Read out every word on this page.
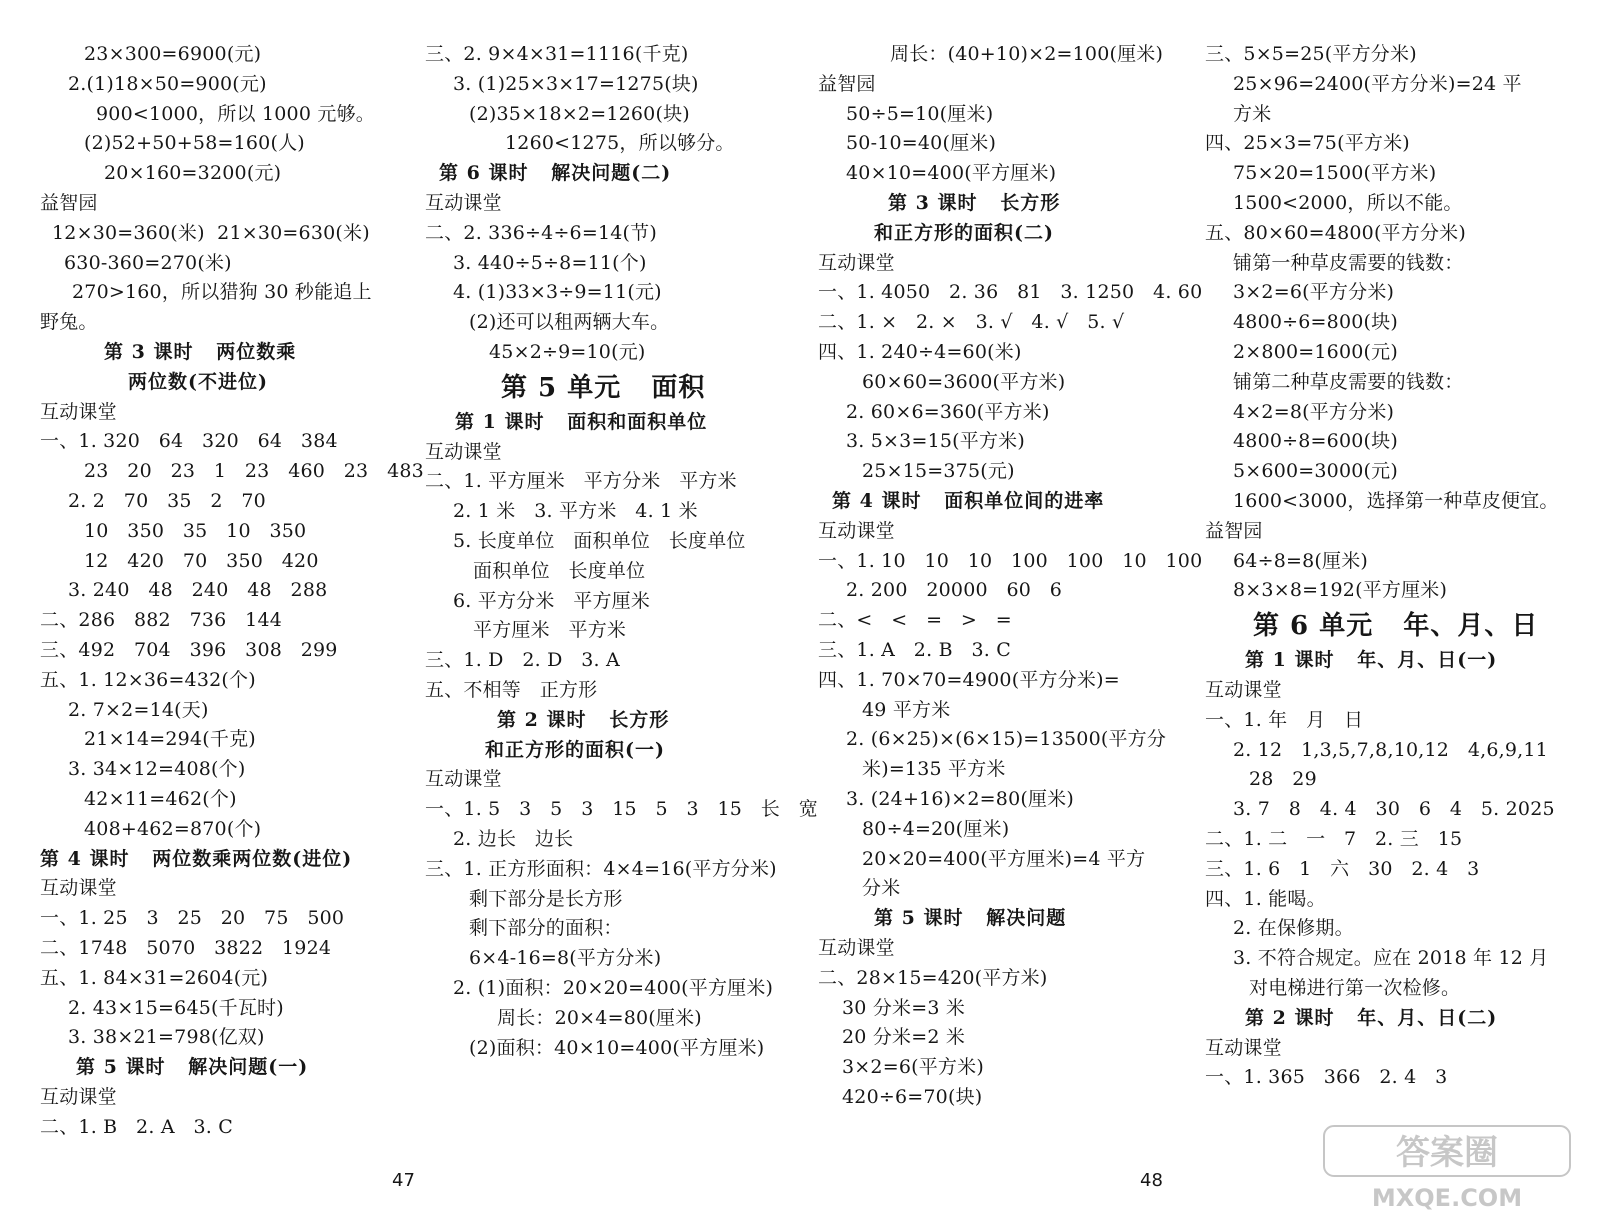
23×300=6900(元)
2.(1)18×50=900(元)
900<1000，所以 1000 元够。
(2)52+50+58=160(人)
20×160=3200(元)
益智园
12×30=360(米)  21×30=630(米)
630-360=270(米)
270>160，所以猎狗 30 秒能追上
野兔。
第 3 课时   两位数乘
两位数(不进位)
互动课堂
一、1. 320   64   320   64   384
23   20   23   1   23   460   23   483
2. 2   70   35   2   70
10   350   35   10   350
12   420   70   350   420
3. 240   48   240   48   288
二、286   882   736   144
三、492   704   396   308   299
五、1. 12×36=432(个)
2. 7×2=14(天)
21×14=294(千克)
3. 34×12=408(个)
42×11=462(个)
408+462=870(个)
第 4 课时   两位数乘两位数(进位)
互动课堂
一、1. 25   3   25   20   75   500
二、1748   5070   3822   1924
五、1. 84×31=2604(元)
2. 43×15=645(千瓦时)
3. 38×21=798(亿双)
第 5 课时   解决问题(一)
互动课堂
二、1. B   2. A   3. C
三、2. 9×4×31=1116(千克)
3. (1)25×3×17=1275(块)
(2)35×18×2=1260(块)
1260<1275，所以够分。
第 6 课时   解决问题(二)
互动课堂
二、2. 336÷4÷6=14(节)
3. 440÷5÷8=11(个)
4. (1)33×3÷9=11(元)
(2)还可以租两辆大车。
45×2÷9=10(元)
第 5 单元   面积
第 1 课时   面积和面积单位
互动课堂
二、1. 平方厘米   平方分米   平方米
2. 1 米   3. 平方米   4. 1 米
5. 长度单位   面积单位   长度单位
面积单位   长度单位
6. 平方分米   平方厘米
平方厘米   平方米
三、1. D   2. D   3. A
五、不相等   正方形
第 2 课时   长方形
和正方形的面积(一)
互动课堂
一、1. 5   3   5   3   15   5   3   15   长   宽
2. 边长   边长
三、1. 正方形面积：4×4=16(平方分米)
剩下部分是长方形
剩下部分的面积：
6×4-16=8(平方分米)
2. (1)面积：20×20=400(平方厘米)
周长：20×4=80(厘米)
(2)面积：40×10=400(平方厘米)
周长：(40+10)×2=100(厘米)
益智园
50÷5=10(厘米)
50-10=40(厘米)
40×10=400(平方厘米)
第 3 课时   长方形
和正方形的面积(二)
互动课堂
一、1. 4050   2. 36   81   3. 1250   4. 60
二、1. ×   2. ×   3. √   4. √   5. √
四、1. 240÷4=60(米)
60×60=3600(平方米)
2. 60×6=360(平方米)
3. 5×3=15(平方米)
25×15=375(元)
第 4 课时   面积单位间的进率
互动课堂
一、1. 10   10   10   100   100   10   100
2. 200   20000   60   6
二、<   <   =   >   =
三、1. A   2. B   3. C
四、1. 70×70=4900(平方分米)=
49 平方米
2. (6×25)×(6×15)=13500(平方分
米)=135 平方米
3. (24+16)×2=80(厘米)
80÷4=20(厘米)
20×20=400(平方厘米)=4 平方
分米
第 5 课时   解决问题
互动课堂
二、28×15=420(平方米)
30 分米=3 米
20 分米=2 米
3×2=6(平方米)
420÷6=70(块)
三、5×5=25(平方分米)
25×96=2400(平方分米)=24 平
方米
四、25×3=75(平方米)
75×20=1500(平方米)
1500<2000，所以不能。
五、80×60=4800(平方分米)
铺第一种草皮需要的钱数：
3×2=6(平方分米)
4800÷6=800(块)
2×800=1600(元)
铺第二种草皮需要的钱数：
4×2=8(平方分米)
4800÷8=600(块)
5×600=3000(元)
1600<3000，选择第一种草皮便宜。
益智园
64÷8=8(厘米)
8×3×8=192(平方厘米)
第 6 单元   年、月、日
第 1 课时   年、月、日(一)
互动课堂
一、1. 年   月   日
2. 12   1,3,5,7,8,10,12   4,6,9,11
28   29
3. 7   8   4. 4   30   6   4   5. 2025
二、1. 二   一   7   2. 三   15
三、1. 6   1   六   30   2. 4   3
四、1. 能喝。
2. 在保修期。
3. 不符合规定。应在 2018 年 12 月
对电梯进行第一次检修。
第 2 课时   年、月、日(二)
互动课堂
一、1. 365   366   2. 4   3
47	48
答案圈
MXQE.COM
